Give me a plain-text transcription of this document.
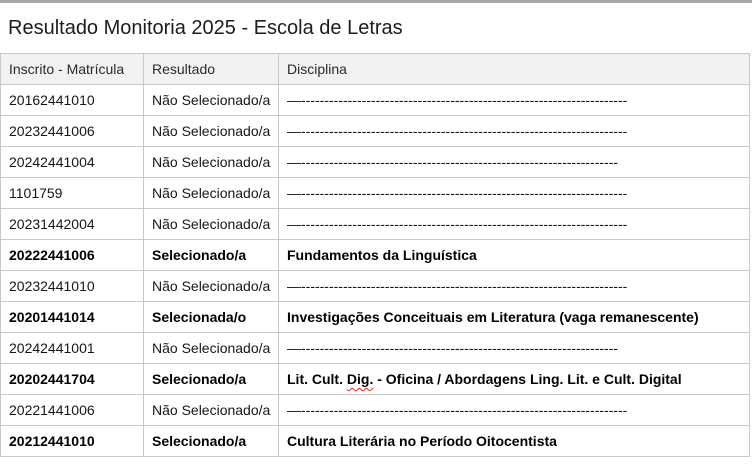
Resultado Monitoria 2025 - Escola de Letras
Inscrito - Matrícula	Resultado	Disciplina
20162441010	Não Selecionado/a	—----------------------------------------------------------------------
20232441006	Não Selecionado/a	—----------------------------------------------------------------------
20242441004	Não Selecionado/a	—--------------------------------------------------------------------
1101759	Não Selecionado/a	—----------------------------------------------------------------------
20231442004	Não Selecionado/a	—----------------------------------------------------------------------
20222441006	Selecionado/a	Fundamentos da Linguística
20232441010	Não Selecionado/a	—----------------------------------------------------------------------
20201441014	Selecionada/o	Investigações Conceituais em Literatura (vaga remanescente)
20242441001	Não Selecionado/a	—--------------------------------------------------------------------
20202441704	Selecionado/a	Lit. Cult. Dig. - Oficina / Abordagens Ling. Lit. e Cult. Digital
20221441006	Não Selecionado/a	—----------------------------------------------------------------------
20212441010	Selecionado/a	Cultura Literária no Período Oitocentista
